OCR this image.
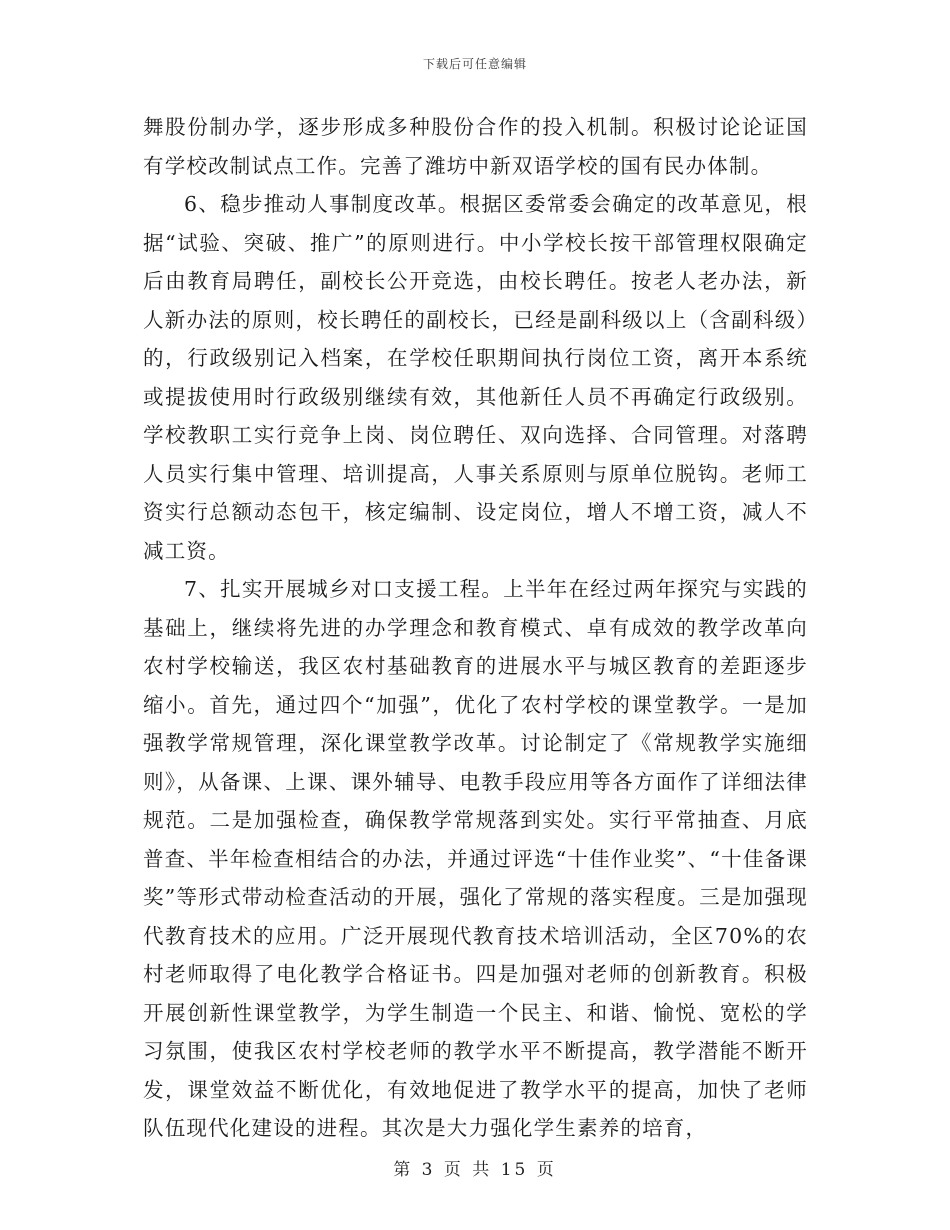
下载后可任意编辑

舞股份制办学，逐步形成多种股份合作的投入机制。积极讨论论证国有学校改制试点工作。完善了潍坊中新双语学校的国有民办体制。

6、稳步推动人事制度改革。根据区委常委会确定的改革意见，根据“试验、突破、推广”的原则进行。中小学校长按干部管理权限确定后由教育局聘任，副校长公开竞选，由校长聘任。按老人老办法，新人新办法的原则，校长聘任的副校长，已经是副科级以上（含副科级）的，行政级别记入档案，在学校任职期间执行岗位工资，离开本系统或提拔使用时行政级别继续有效，其他新任人员不再确定行政级别。学校教职工实行竞争上岗、岗位聘任、双向选择、合同管理。对落聘人员实行集中管理、培训提高，人事关系原则与原单位脱钩。老师工资实行总额动态包干，核定编制、设定岗位，增人不增工资，减人不减工资。

7、扎实开展城乡对口支援工程。上半年在经过两年探究与实践的基础上，继续将先进的办学理念和教育模式、卓有成效的教学改革向农村学校输送，我区农村基础教育的进展水平与城区教育的差距逐步缩小。首先，通过四个“加强”，优化了农村学校的课堂教学。一是加强教学常规管理，深化课堂教学改革。讨论制定了《常规教学实施细则》，从备课、上课、课外辅导、电教手段应用等各方面作了详细法律规范。二是加强检查，确保教学常规落到实处。实行平常抽查、月底普查、半年检查相结合的办法，并通过评选“十佳作业奖”、“十佳备课奖”等形式带动检查活动的开展，强化了常规的落实程度。三是加强现代教育技术的应用。广泛开展现代教育技术培训活动，全区70%的农村老师取得了电化教学合格证书。四是加强对老师的创新教育。积极开展创新性课堂教学，为学生制造一个民主、和谐、愉悦、宽松的学习氛围，使我区农村学校老师的教学水平不断提高，教学潜能不断开发，课堂效益不断优化，有效地促进了教学水平的提高，加快了老师队伍现代化建设的进程。其次是大力强化学生素养的培育，

第 3 页 共 15 页
